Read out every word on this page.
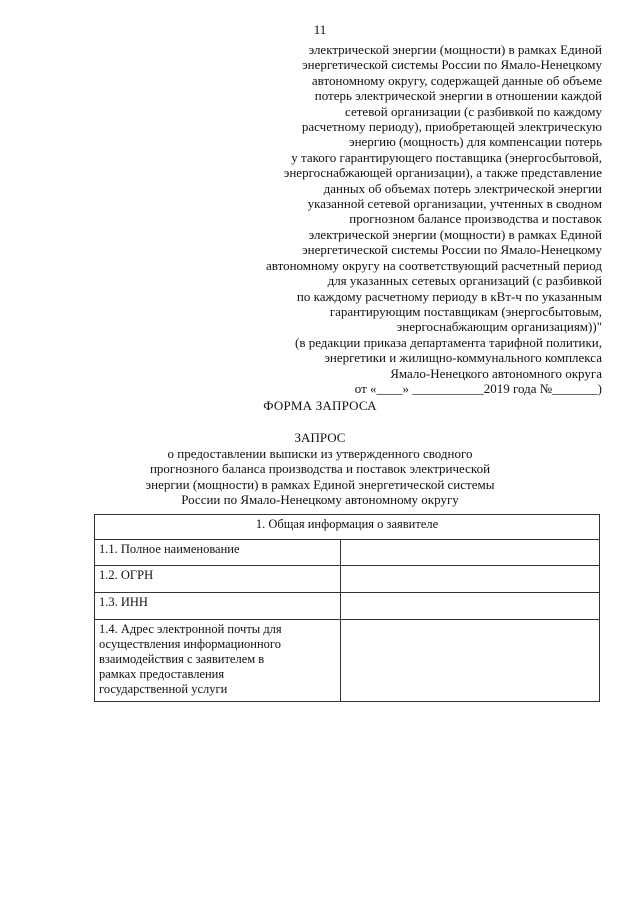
11
электрической энергии (мощности) в рамках Единой
энергетической системы России по Ямало-Ненецкому
автономному округу, содержащей данные об объеме
потерь электрической энергии в отношении каждой
сетевой организации (с разбивкой по каждому
расчетному периоду), приобретающей электрическую
энергию (мощность) для компенсации потерь
у такого гарантирующего поставщика (энергосбытовой,
энергоснабжающей организации), а также представление
данных об объемах потерь электрической энергии
указанной сетевой организации, учтенных в сводном
прогнозном балансе производства и поставок
электрической энергии (мощности) в рамках Единой
энергетической системы России по Ямало-Ненецкому
автономному округу на соответствующий расчетный период
для указанных сетевых организаций (с разбивкой
по каждому расчетному периоду в кВт-ч по указанным
гарантирующим поставщикам (энергосбытовым,
энергоснабжающим организациям))"
(в редакции приказа департамента тарифной политики,
энергетики и жилищно-коммунального комплекса
Ямало-Ненецкого автономного округа
от «____» ___________2019 года №_______)
ФОРМА ЗАПРОСА
ЗАПРОС
о предоставлении выписки из утвержденного сводного
прогнозного баланса производства и поставок электрической
энергии (мощности) в рамках Единой энергетической системы
России по Ямало-Ненецкому автономному округу
1. Общая информация о заявителе	

1.1. Полное наименование	

1.2. ОГРН	

1.3. ИНН	

1.4. Адрес электронной почты для
осуществления информационного
взаимодействия с заявителем в
рамках предоставления
государственной услуги	
